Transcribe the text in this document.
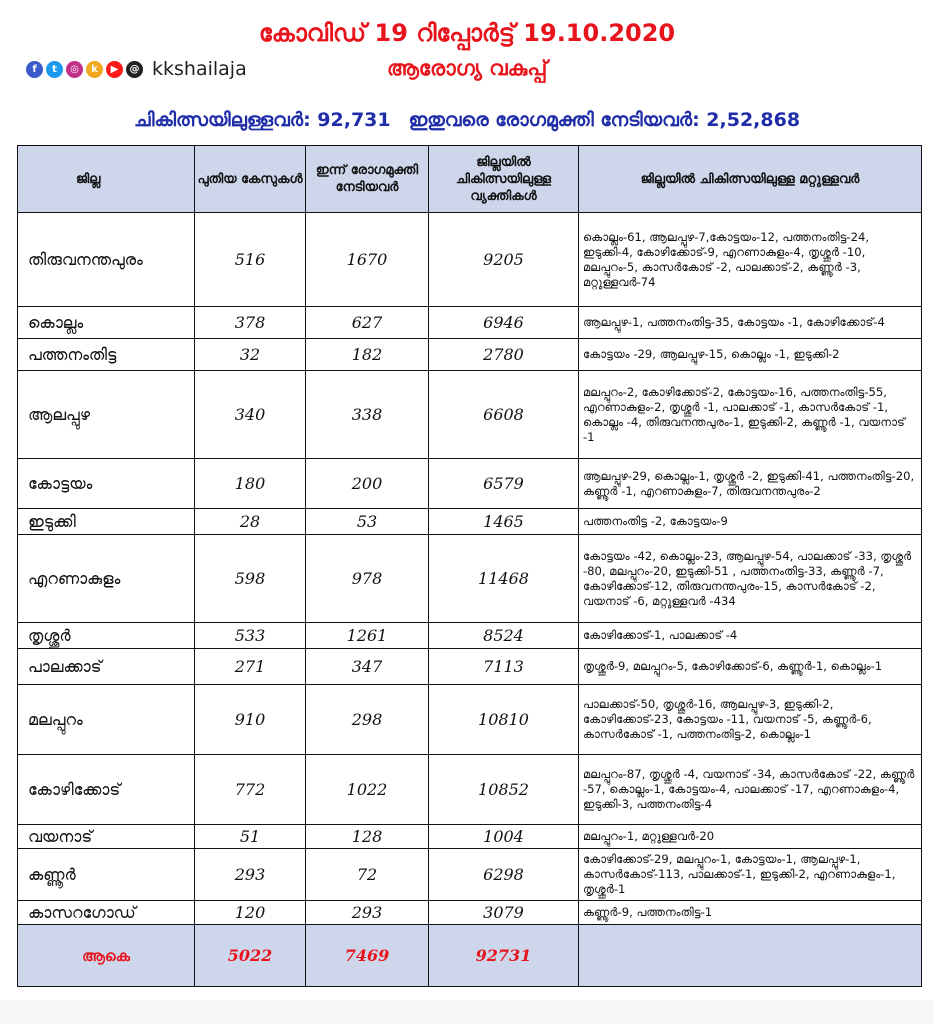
കോവിഡ് 19 റിപ്പോർട്ട് 19.10.2020
f	t	◎	k	▶	@ kkshailaja	ആരോഗ്യ വകുപ്പ്
ചികിത്സയിലുള്ളവർ: 92,731 ഇതുവരെ രോഗമുക്തി നേടിയവർ: 2,52,868
ജില്ല	പുതിയ കേസുകൾ	ഇന്ന് രോഗമുക്തി നേടിയവർ	ജില്ലയിൽ ചികിത്സയിലുള്ള വ്യക്തികൾ	ജില്ലയിൽ ചികിത്സയിലുള്ള മറ്റുള്ളവർ
തിരുവനന്തപുരം	516	1670	9205	കൊല്ലം-61, ആലപ്പുഴ-7,കോട്ടയം-12, പത്തനംതിട്ട-24, ഇടുക്കി-4, കോഴിക്കോട്-9, എറണാകുളം-4, തൃശ്ശൂർ -10, മലപ്പുറം-5, കാസർകോട് -2, പാലക്കാട്-2, കണ്ണൂർ -3, മറ്റുള്ളവർ-74
കൊല്ലം	378	627	6946	ആലപ്പുഴ-1, പത്തനംതിട്ട-35, കോട്ടയം -1, കോഴിക്കോട്-4
പത്തനംതിട്ട	32	182	2780	കോട്ടയം -29, ആലപ്പുഴ-15, കൊല്ലം -1, ഇടുക്കി-2
ആലപ്പുഴ	340	338	6608	മലപ്പുറം-2, കോഴിക്കോട്-2, കോട്ടയം-16, പത്തനംതിട്ട-55, എറണാകുളം-2, തൃശ്ശൂർ -1, പാലക്കാട് -1, കാസർകോട് -1, കൊല്ലം -4, തിരുവനന്തപുരം-1, ഇടുക്കി-2, കണ്ണൂർ -1, വയനാട് -1
കോട്ടയം	180	200	6579	ആലപ്പുഴ-29, കൊല്ലം-1, തൃശ്ശൂർ -2, ഇടുക്കി-41, പത്തനംതിട്ട-20, കണ്ണൂർ -1, എറണാകുളം-7, തിരുവനന്തപുരം-2
ഇടുക്കി	28	53	1465	പത്തനംതിട്ട -2, കോട്ടയം-9
എറണാകുളം	598	978	11468	കോട്ടയം -42, കൊല്ലം-23, ആലപ്പുഴ-54, പാലക്കാട് -33, തൃശ്ശൂർ -80, മലപ്പുറം-20, ഇടുക്കി-51 , പത്തനംതിട്ട-33, കണ്ണൂർ -7, കോഴിക്കോട്-12, തിരുവനന്തപുരം-15, കാസർകോട് -2, വയനാട് -6, മറ്റുള്ളവർ -434
തൃശ്ശൂർ	533	1261	8524	കോഴിക്കോട്-1, പാലക്കാട് -4
പാലക്കാട്	271	347	7113	തൃശ്ശൂർ-9, മലപ്പുറം-5, കോഴിക്കോട്-6, കണ്ണൂർ-1, കൊല്ലം-1
മലപ്പുറം	910	298	10810	പാലക്കാട്-50, തൃശ്ശൂർ-16, ആലപ്പുഴ-3, ഇടുക്കി-2, കോഴിക്കോട്-23, കോട്ടയം -11, വയനാട് -5, കണ്ണൂർ-6, കാസർകോട് -1, പത്തനംതിട്ട-2, കൊല്ലം-1
കോഴിക്കോട്	772	1022	10852	മലപ്പുറം-87, തൃശ്ശൂർ -4, വയനാട് -34, കാസർകോട് -22, കണ്ണൂർ -57, കൊല്ലം-1, കോട്ടയം-4, പാലക്കാട് -17, എറണാകുളം-4, ഇടുക്കി-3, പത്തനംതിട്ട-4
വയനാട്	51	128	1004	മലപ്പുറം-1, മറ്റുള്ളവർ-20
കണ്ണൂർ	293	72	6298	കോഴിക്കോട്-29, മലപ്പുറം-1, കോട്ടയം-1, ആലപ്പുഴ-1, കാസർകോട്-113, പാലക്കാട്-1, ഇടുക്കി-2, എറണാകുളം-1, തൃശ്ശൂർ-1
കാസറഗോഡ്	120	293	3079	കണ്ണൂർ-9, പത്തനംതിട്ട-1
ആകെ	5022	7469	92731	
